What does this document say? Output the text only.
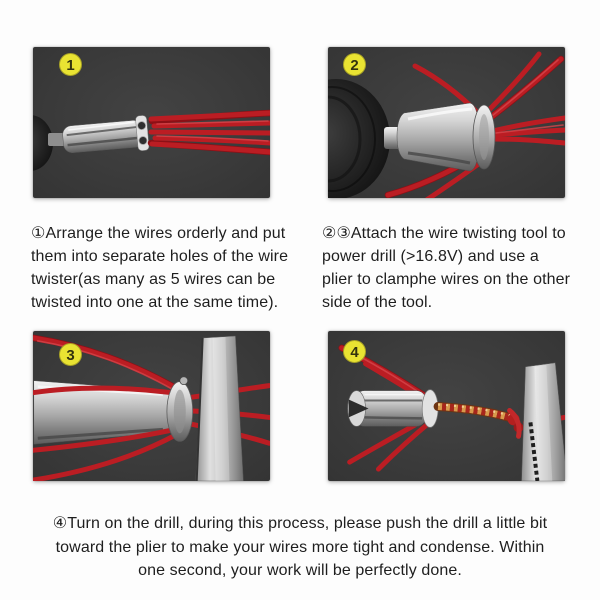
1	2
①Arrange the wires orderly and put
them into separate holes of the wire
twister(as many as 5 wires can be
twisted into one at the same time).
②③Attach the wire twisting tool to
power drill (>16.8V) and use a
plier to clamphe wires on the other
side of the tool.
3	4
④Turn on the drill, during this process, please push the drill a little bit
toward the plier to make your wires more tight and condense. Within
one second, your work will be perfectly done.
